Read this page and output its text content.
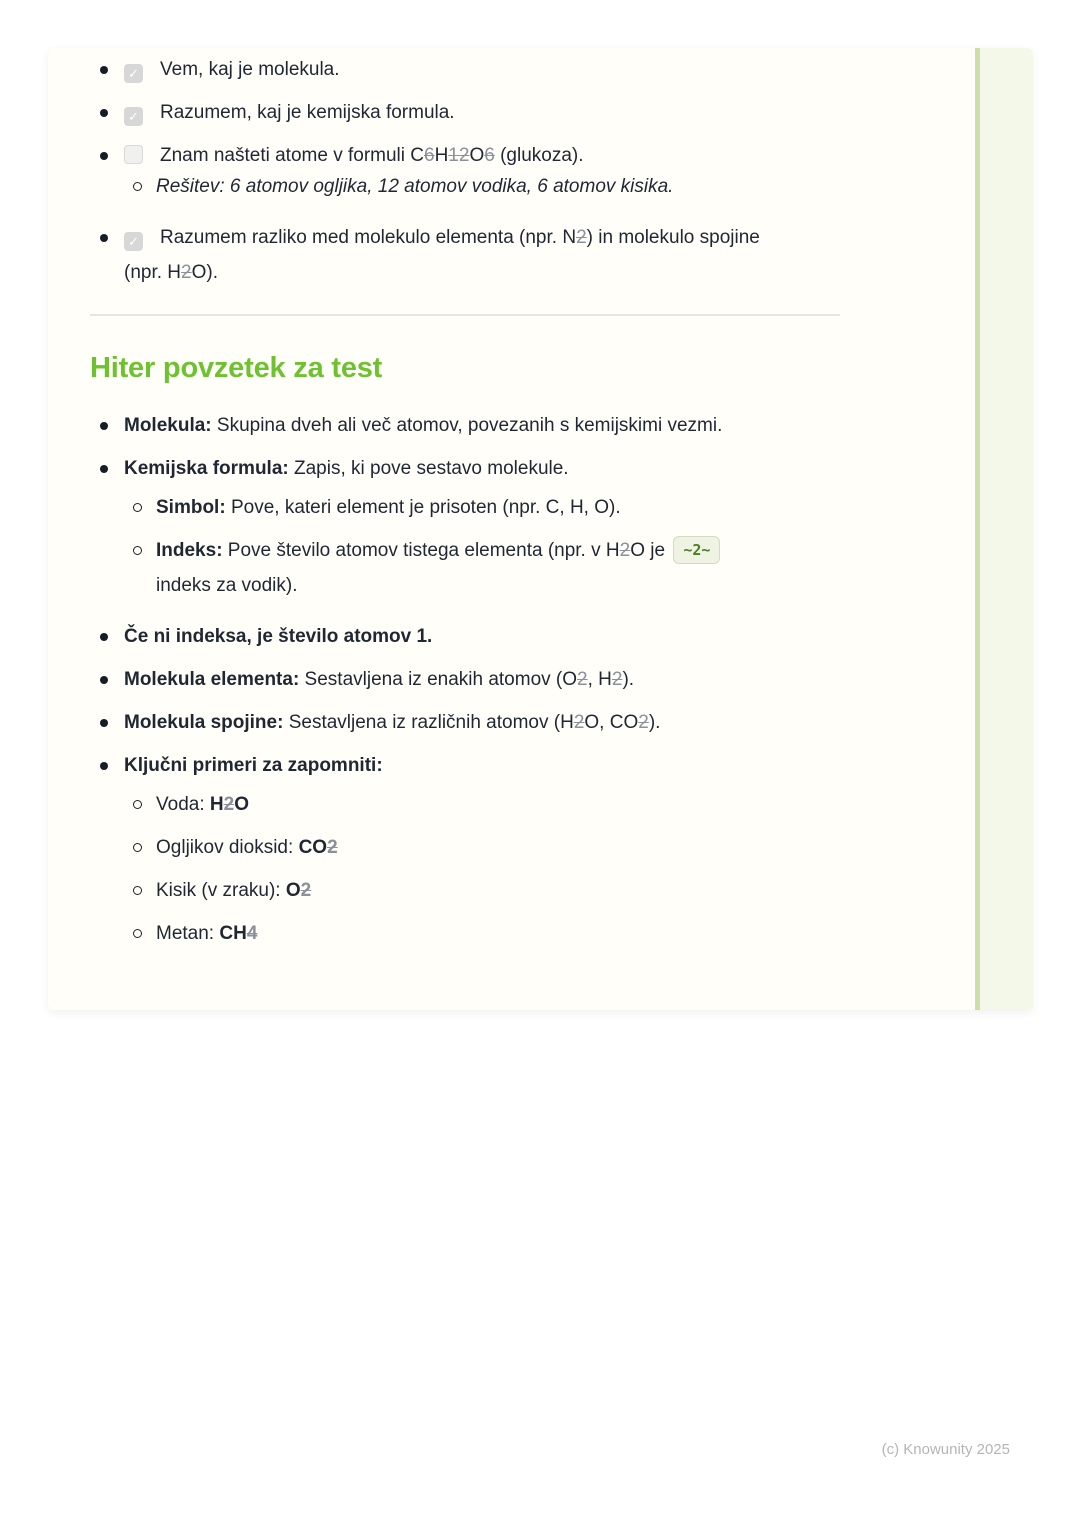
✓Vem, kaj je molekula.
✓Razumem, kaj je kemijska formula.
Znam našteti atome v formuli C6H12O6 (glukoza).
Rešitev: 6 atomov ogljika, 12 atomov vodika, 6 atomov kisika.
✓Razumem razliko med molekulo elementa (npr. N2) in molekulo spojine
(npr. H2O).
Hiter povzetek za test
Molekula: Skupina dveh ali več atomov, povezanih s kemijskimi vezmi.
Kemijska formula: Zapis, ki pove sestavo molekule.
Simbol: Pove, kateri element je prisoten (npr. C, H, O).
Indeks: Pove število atomov tistega elementa (npr. v H2O je ~2~
indeks za vodik).
Če ni indeksa, je število atomov 1.
Molekula elementa: Sestavljena iz enakih atomov (O2, H2).
Molekula spojine: Sestavljena iz različnih atomov (H2O, CO2).
Ključni primeri za zapomniti:
Voda: H2O
Ogljikov dioksid: CO2
Kisik (v zraku): O2
Metan: CH4
(c) Knowunity 2025
